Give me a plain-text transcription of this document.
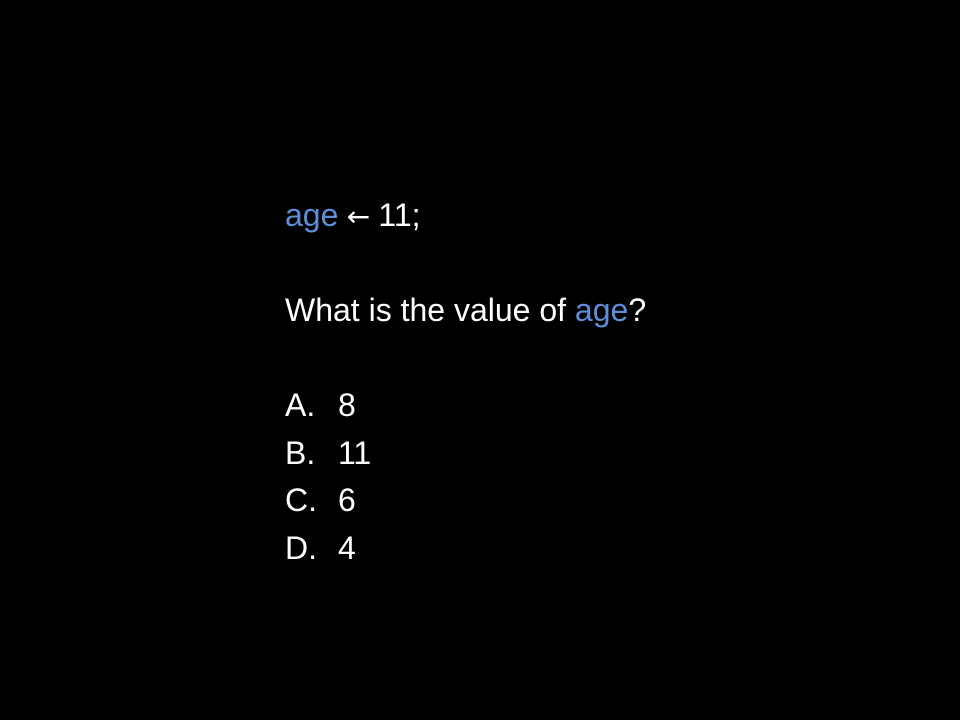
age ← 11;
What is the value of age?
A. 8
B. 11
C. 6
D. 4
